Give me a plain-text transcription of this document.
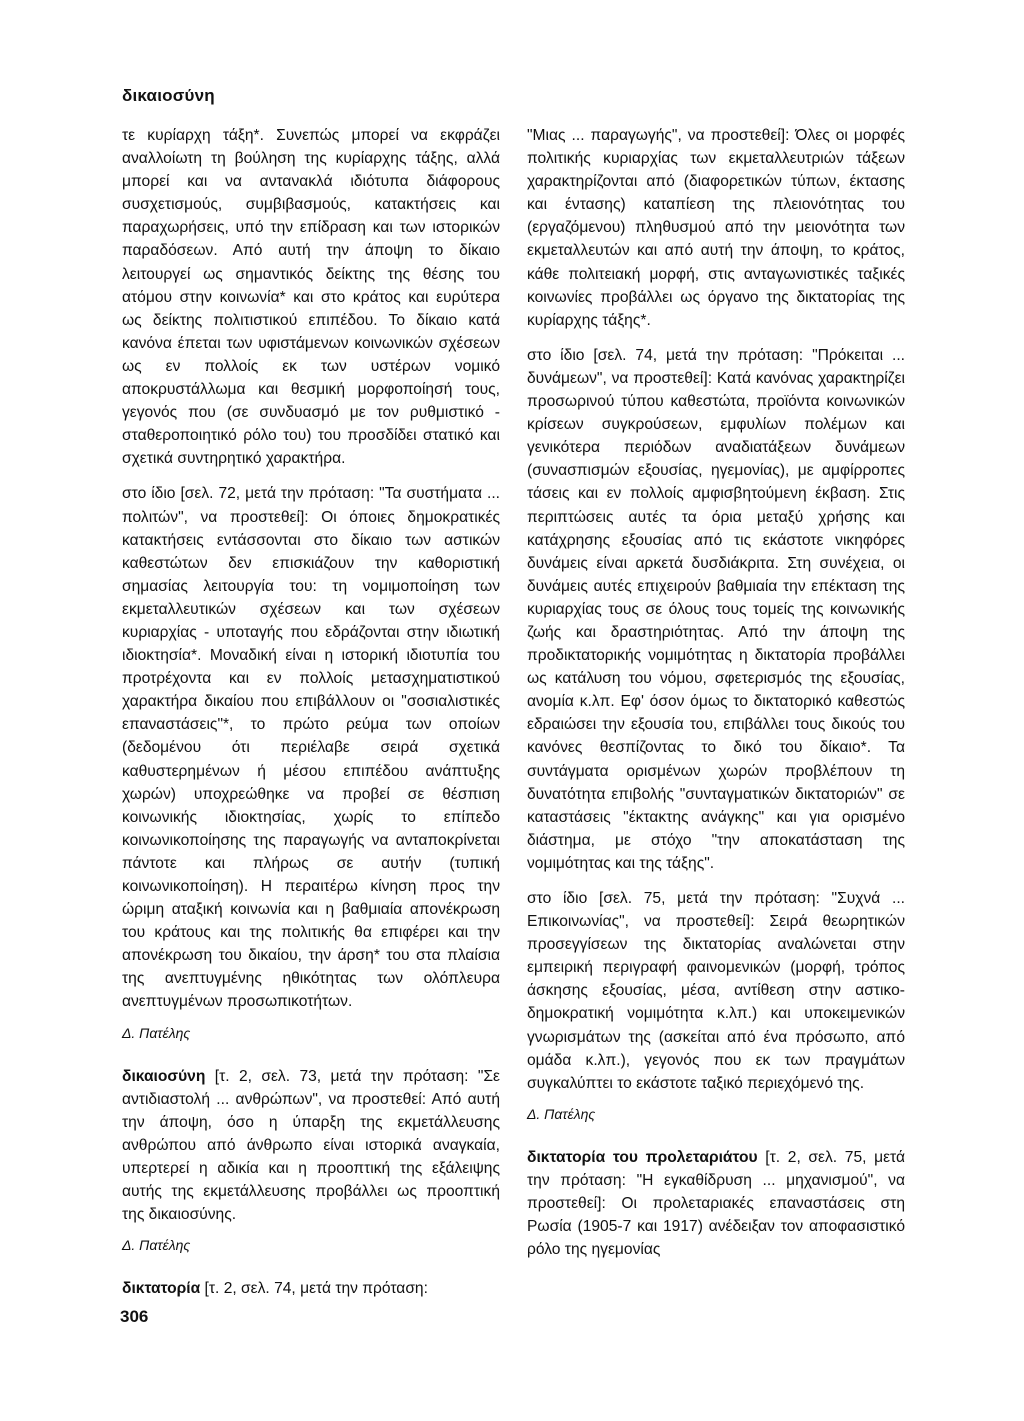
δικαιοσύνη

τε κυρίαρχη τάξη*. Συνεπώς μπορεί να εκφράζει αναλλοίωτη τη βούληση της κυρίαρχης τάξης, αλλά μπορεί και να αντανακλά ιδιότυπα διάφορους συσχετισμούς, συμβιβασμούς, κατακτήσεις και παραχωρήσεις, υπό την επίδραση και των ιστορικών παραδόσεων. Από αυτή την άποψη το δίκαιο λειτουργεί ως σημαντικός δείκτης της θέσης του ατόμου στην κοινωνία* και στο κράτος και ευρύτερα ως δείκτης πολιτιστικού επιπέδου. Το δίκαιο κατά κανόνα έπεται των υφιστάμενων κοινωνικών σχέσεων ως εν πολλοίς εκ των υστέρων νομικό αποκρυστάλλωμα και θεσμική μορφοποίησή τους, γεγονός που (σε συνδυασμό με τον ρυθμιστικό - σταθεροποιητικό ρόλο του) του προσδίδει στατικό και σχετικά συντηρητικό χαρακτήρα.

στο ίδιο [σελ. 72, μετά την πρόταση: "Τα συστήματα ... πολιτών", να προστεθεί]: Οι όποιες δημοκρατικές κατακτήσεις εντάσσονται στο δίκαιο των αστικών καθεστώτων δεν επισκιάζουν την καθοριστική σημασίας λειτουργία του: τη νομιμοποίηση των εκμεταλλευτικών σχέσεων και των σχέσεων κυριαρχίας - υποταγής που εδράζονται στην ιδιωτική ιδιοκτησία*. Μοναδική είναι η ιστορική ιδιοτυπία του προτρέχοντα και εν πολλοίς μετασχηματιστικού χαρακτήρα δικαίου που επιβάλλουν οι "σοσιαλιστικές επαναστάσεις"*, το πρώτο ρεύμα των οποίων (δεδομένου ότι περιέλαβε σειρά σχετικά καθυστερημένων ή μέσου επιπέδου ανάπτυξης χωρών) υποχρεώθηκε να προβεί σε θέσπιση κοινωνικής ιδιοκτησίας, χωρίς το επίπεδο κοινωνικοποίησης της παραγωγής να ανταποκρίνεται πάντοτε και πλήρως σε αυτήν (τυπική κοινωνικοποίηση). Η περαιτέρω κίνηση προς την ώριμη αταξική κοινωνία και η βαθμιαία απονέκρωση του κράτους και της πολιτικής θα επιφέρει και την απονέκρωση του δικαίου, την άρση* του στα πλαίσια της ανεπτυγμένης ηθικότητας των ολόπλευρα ανεπτυγμένων προσωπικοτήτων.

Δ. Πατέλης

δικαιοσύνη [τ. 2, σελ. 73, μετά την πρόταση: "Σε αντιδιαστολή ... ανθρώπων", να προστεθεί: Από αυτή την άποψη, όσο η ύπαρξη της εκμετάλλευσης ανθρώπου από άνθρωπο είναι ιστορικά αναγκαία, υπερτερεί η αδικία και η προοπτική της εξάλειψης αυτής της εκμετάλλευσης προβάλλει ως προοπτική της δικαιοσύνης.

Δ. Πατέλης

δικτατορία [τ. 2, σελ. 74, μετά την πρόταση:

"Μιας ... παραγωγής", να προστεθεί]: Όλες οι μορφές πολιτικής κυριαρχίας των εκμεταλλευτριών τάξεων χαρακτηρίζονται από (διαφορετικών τύπων, έκτασης και έντασης) καταπίεση της πλειονότητας του (εργαζόμενου) πληθυσμού από την μειονότητα των εκμεταλλευτών και από αυτή την άποψη, το κράτος, κάθε πολιτειακή μορφή, στις ανταγωνιστικές ταξικές κοινωνίες προβάλλει ως όργανο της δικτατορίας της κυρίαρχης τάξης*.

στο ίδιο [σελ. 74, μετά την πρόταση: "Πρόκειται ... δυνάμεων", να προστεθεί]: Κατά κανόνας χαρακτηρίζει προσωρινού τύπου καθεστώτα, προϊόντα κοινωνικών κρίσεων συγκρούσεων, εμφυλίων πολέμων και γενικότερα περιόδων αναδιατάξεων δυνάμεων (συνασπισμών εξουσίας, ηγεμονίας), με αμφίρροπες τάσεις και εν πολλοίς αμφισβητούμενη έκβαση. Στις περιπτώσεις αυτές τα όρια μεταξύ χρήσης και κατάχρησης εξουσίας από τις εκάστοτε νικηφόρες δυνάμεις είναι αρκετά δυσδιάκριτα. Στη συνέχεια, οι δυνάμεις αυτές επιχειρούν βαθμιαία την επέκταση της κυριαρχίας τους σε όλους τους τομείς της κοινωνικής ζωής και δραστηριότητας. Από την άποψη της προδικτατορικής νομιμότητας η δικτατορία προβάλλει ως κατάλυση του νόμου, σφετερισμός της εξουσίας, ανομία κ.λπ. Εφ' όσον όμως το δικτατορικό καθεστώς εδραιώσει την εξουσία του, επιβάλλει τους δικούς του κανόνες θεσπίζοντας το δικό του δίκαιο*. Τα συντάγματα ορισμένων χωρών προβλέπουν τη δυνατότητα επιβολής "συνταγματικών δικτατοριών" σε καταστάσεις "έκτακτης ανάγκης" και για ορισμένο διάστημα, με στόχο "την αποκατάσταση της νομιμότητας και της τάξης".

στο ίδιο [σελ. 75, μετά την πρόταση: "Συχνά ... Επικοινωνίας", να προστεθεί]: Σειρά θεωρητικών προσεγγίσεων της δικτατορίας αναλώνεται στην εμπειρική περιγραφή φαινομενικών (μορφή, τρόπος άσκησης εξουσίας, μέσα, αντίθεση στην αστικο-δημοκρατική νομιμότητα κ.λπ.) και υποκειμενικών γνωρισμάτων της (ασκείται από ένα πρόσωπο, από ομάδα κ.λπ.), γεγονός που εκ των πραγμάτων συγκαλύπτει το εκάστοτε ταξικό περιεχόμενό της.

Δ. Πατέλης

δικτατορία του προλεταριάτου [τ. 2, σελ. 75, μετά την πρόταση: "Η εγκαθίδρυση ... μηχανισμού", να προστεθεί]: Οι προλεταριακές επαναστάσεις στη Ρωσία (1905-7 και 1917) ανέδειξαν τον αποφασιστικό ρόλο της ηγεμονίας

306
